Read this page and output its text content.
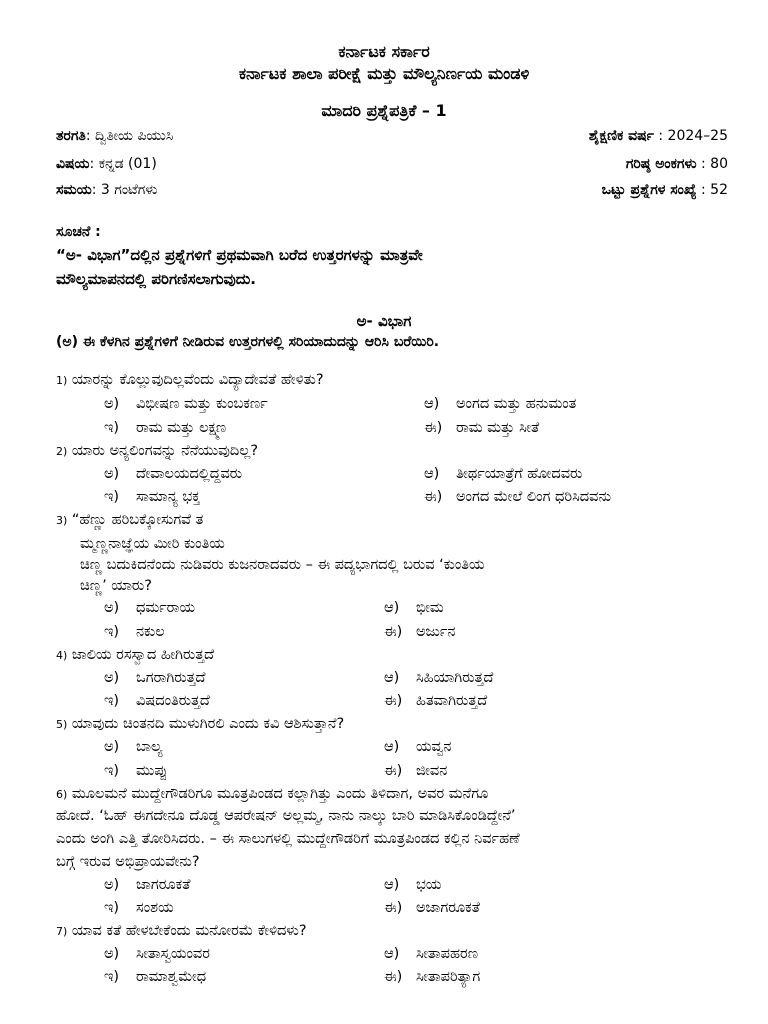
ಕರ್ನಾಟಕ ಸರ್ಕಾರ
ಕರ್ನಾಟಕ ಶಾಲಾ ಪರೀಕ್ಷೆ ಮತ್ತು ಮೌಲ್ಯನಿರ್ಣಯ ಮಂಡಳಿ
ಮಾದರಿ ಪ್ರಶ್ನೆಪತ್ರಿಕೆ – 1
ತರಗತಿ: ದ್ವಿತೀಯ ಪಿಯುಸಿ	ಶೈಕ್ಷಣಿಕ ವರ್ಷ : 2024–25
ವಿಷಯ: ಕನ್ನಡ (01)	ಗರಿಷ್ಠ ಅಂಕಗಳು : 80
ಸಮಯ: 3 ಗಂಟೆಗಳು	ಒಟ್ಟು ಪ್ರಶ್ನೆಗಳ ಸಂಖ್ಯೆ : 52
ಸೂಚನೆ :
“ಅ- ವಿಭಾಗ”ದಲ್ಲಿನ ಪ್ರಶ್ನೆಗಳಿಗೆ ಪ್ರಥಮವಾಗಿ ಬರೆದ ಉತ್ತರಗಳನ್ನು ಮಾತ್ರವೇ
ಮೌಲ್ಯಮಾಪನದಲ್ಲಿ ಪರಿಗಣಿಸಲಾಗುವುದು.
ಅ- ವಿಭಾಗ
(ಅ) ಈ ಕೆಳಗಿನ ಪ್ರಶ್ನೆಗಳಿಗೆ ನೀಡಿರುವ ಉತ್ತರಗಳಲ್ಲಿ ಸರಿಯಾದುದನ್ನು ಆರಿಸಿ ಬರೆಯಿರಿ.
1) ಯಾರನ್ನು ಕೊಲ್ಲುವುದಿಲ್ಲವೆಂದು ವಿದ್ಯಾದೇವತೆ ಹೇಳಿತು?
ಅ) ವಿಭೀಷಣ ಮತ್ತು ಕುಂಬಕರ್ಣ	ಆ) ಅಂಗದ ಮತ್ತು ಹನುಮಂತ
ಇ) ರಾಮ ಮತ್ತು ಲಕ್ಷ್ಮಣ	ಈ) ರಾಮ ಮತ್ತು ಸೀತೆ
2) ಯಾರು ಅನ್ಯಲಿಂಗವನ್ನು ನೆನೆಯುವುದಿಲ್ಲ?
ಅ) ದೇವಾಲಯದಲ್ಲಿದ್ದವರು	ಆ) ತೀರ್ಥಯಾತ್ರೆಗೆ ಹೋದವರು
ಇ) ಸಾಮಾನ್ಯ ಭಕ್ತ	ಈ) ಅಂಗದ ಮೇಲೆ ಲಿಂಗ ಧರಿಸಿದವನು
3) “ಹೆಣ್ಣು ಹರಿಬಕ್ಕೋಸುಗವೆ ತ
ಮ್ಮಣ್ಣನಾಜ್ಞೆಯ ಮೀರಿ ಕುಂತಿಯ
ಚಿಣ್ಣ ಬದುಕಿದನೆಂದು ನುಡಿವರು ಕುಜನರಾದವರು – ಈ ಪದ್ಯಭಾಗದಲ್ಲಿ ಬರುವ ‘ಕುಂತಿಯ
ಚಿಣ್ಣ’ ಯಾರು?
ಅ) ಧರ್ಮರಾಯ	ಆ) ಭೀಮ
ಇ) ನಕುಲ	ಈ) ಅರ್ಜುನ
4) ಜಾಲಿಯ ರಸಸ್ವಾದ ಹೀಗಿರುತ್ತದೆ
ಅ) ಒಗರಾಗಿರುತ್ತದೆ	ಆ) ಸಿಹಿಯಾಗಿರುತ್ತದೆ
ಇ) ವಿಷದಂತಿರುತ್ತದೆ	ಈ) ಹಿತವಾಗಿರುತ್ತದೆ
5) ಯಾವುದು ಚಿಂತನದಿ ಮುಳುಗಿರಲಿ ಎಂದು ಕವಿ ಆಶಿಸುತ್ತಾನೆ?
ಅ) ಬಾಲ್ಯ	ಆ) ಯವ್ವನ
ಇ) ಮುಪ್ಪು	ಈ) ಜೀವನ
6) ಮೂಲಮನೆ ಮುದ್ದೇಗೌಡರಿಗೂ ಮೂತ್ರಪಿಂಡದ ಕಲ್ಲಾಗಿತ್ತು ಎಂದು ತಿಳಿದಾಗ, ಅವರ ಮನೆಗೂ
ಹೋದೆ. ‘ಓಹ್ ಈಗದೇನೂ ದೊಡ್ಡ ಆಪರೇಷನ್ ಅಲ್ಲಮ್ಮ, ನಾನು ನಾಲ್ಕು ಬಾರಿ ಮಾಡಿಸಿಕೊಂಡಿದ್ದೇನೆ’
ಎಂದು ಅಂಗಿ ಎತ್ತಿ ತೋರಿಸಿದರು. – ಈ ಸಾಲುಗಳಲ್ಲಿ ಮುದ್ದೇಗೌಡರಿಗೆ ಮೂತ್ರಪಿಂಡದ ಕಲ್ಲಿನ ನಿರ್ವಹಣೆ
ಬಗ್ಗೆ ಇರುವ ಅಭಿಪ್ರಾಯವೇನು?
ಅ) ಜಾಗರೂಕತೆ	ಆ) ಭಯ
ಇ) ಸಂಶಯ	ಈ) ಅಜಾಗರೂಕತೆ
7) ಯಾವ ಕತೆ ಹೇಳಬೇಕೆಂದು ಮನೋರಮೆ ಕೇಳಿದಳು?
ಅ) ಸೀತಾಸ್ವಯಂವರ	ಆ) ಸೀತಾಪಹರಣ
ಇ) ರಾಮಾಶ್ವಮೇಧ	ಈ) ಸೀತಾಪರಿತ್ಯಾಗ
